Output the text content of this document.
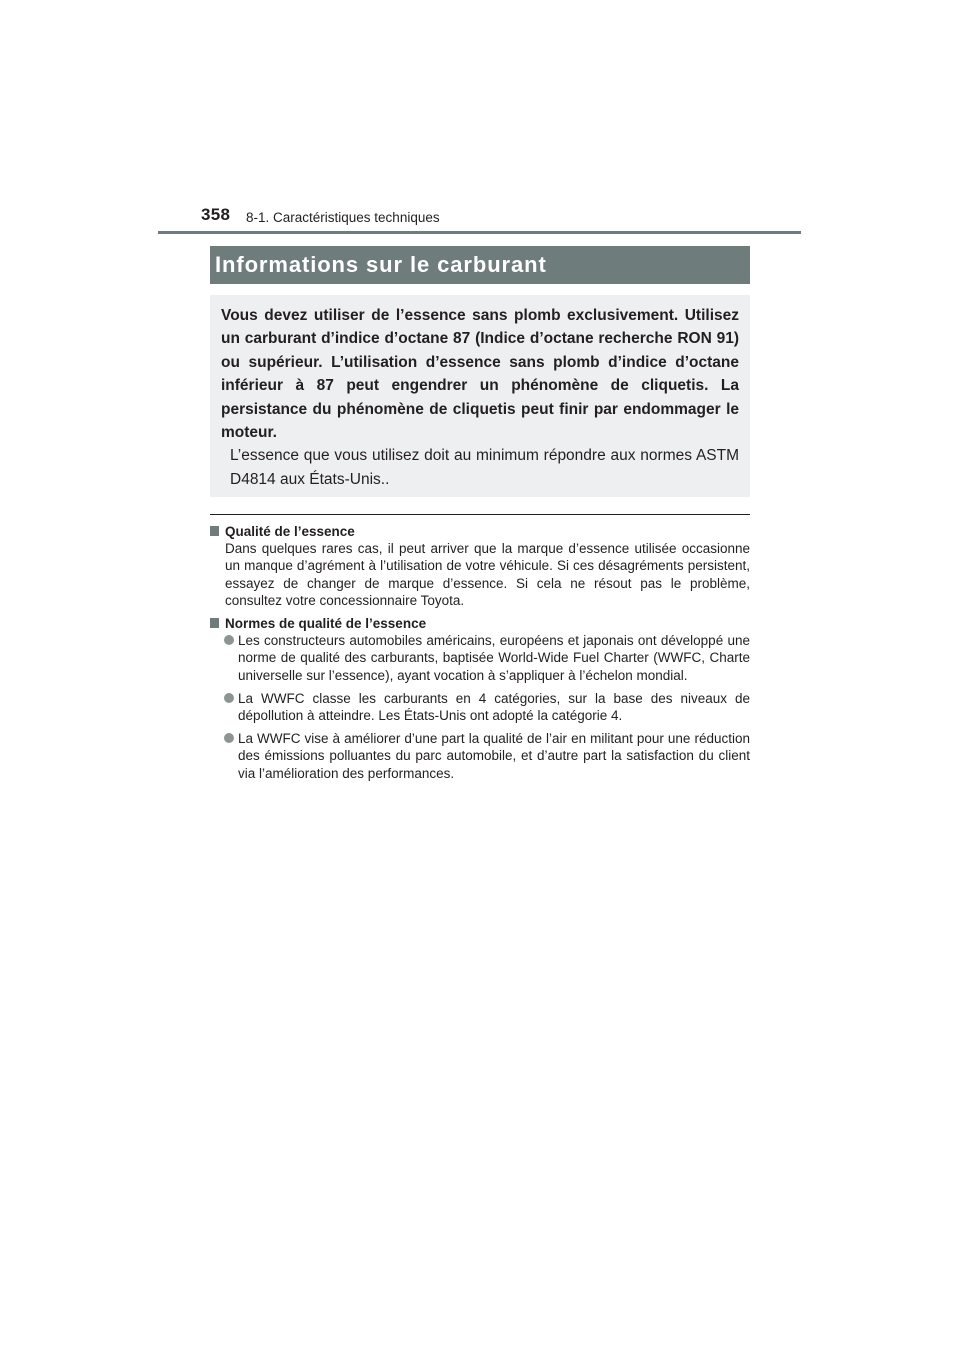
358 8-1. Caractéristiques techniques
Informations sur le carburant

Vous devez utiliser de l’essence sans plomb exclusivement. Utilisez un carburant d’indice d’octane 87 (Indice d’octane recherche RON 91) ou supérieur. L’utilisation d’essence sans plomb d’indice d’octane inférieur à 87 peut engendrer un phénomène de cliquetis. La persistance du phénomène de cliquetis peut finir par endommager le moteur.

L’essence que vous utilisez doit au minimum répondre aux normes ASTM D4814 aux États-Unis..

Qualité de l’essence

Dans quelques rares cas, il peut arriver que la marque d’essence utilisée occasionne un manque d’agrément à l’utilisation de votre véhicule. Si ces désagréments persistent, essayez de changer de marque d’essence. Si cela ne résout pas le problème, consultez votre concessionnaire Toyota.

Normes de qualité de l’essence

Les constructeurs automobiles américains, européens et japonais ont développé une norme de qualité des carburants, baptisée World-Wide Fuel Charter (WWFC, Charte universelle sur l’essence), ayant vocation à s’appliquer à l’échelon mondial.
La WWFC classe les carburants en 4 catégories, sur la base des niveaux de dépollution à atteindre. Les États-Unis ont adopté la catégorie 4.
La WWFC vise à améliorer d’une part la qualité de l’air en militant pour une réduction des émissions polluantes du parc automobile, et d’autre part la satisfaction du client via l’amélioration des performances.
